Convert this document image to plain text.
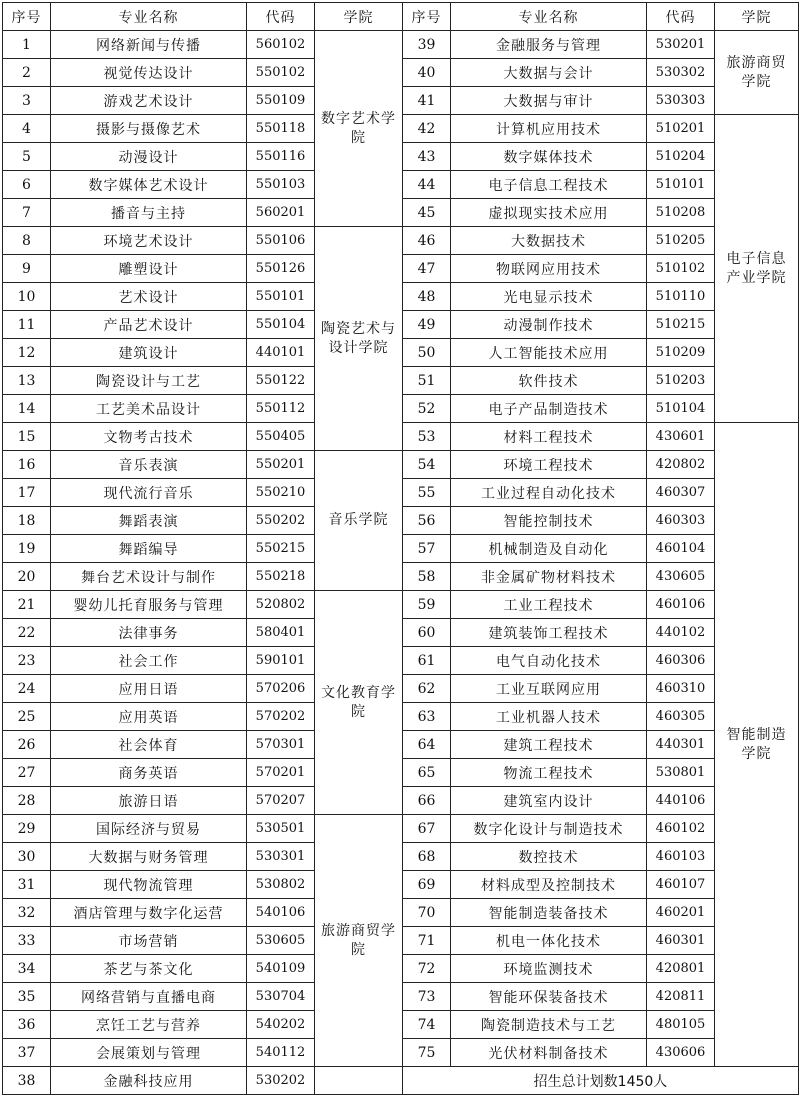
序号	专业名称	代码	学院	序号	专业名称	代码	学院
1	网络新闻与传播	560102	数字艺术学院	39	金融服务与管理	530201	旅游商贸学院
2	视觉传达设计	550102		40	大数据与会计	530302	
3	游戏艺术设计	550109		41	大数据与审计	530303	
4	摄影与摄像艺术	550118		42	计算机应用技术	510201	电子信息产业学院
5	动漫设计	550116		43	数字媒体技术	510204	
6	数字媒体艺术设计	550103		44	电子信息工程技术	510101	
7	播音与主持	560201		45	虚拟现实技术应用	510208	
8	环境艺术设计	550106	陶瓷艺术与设计学院	46	大数据技术	510205	
9	雕塑设计	550126		47	物联网应用技术	510102	
10	艺术设计	550101		48	光电显示技术	510110	
11	产品艺术设计	550104		49	动漫制作技术	510215	
12	建筑设计	440101		50	人工智能技术应用	510209	
13	陶瓷设计与工艺	550122		51	软件技术	510203	
14	工艺美术品设计	550112		52	电子产品制造技术	510104	
15	文物考古技术	550405		53	材料工程技术	430601	智能制造学院
16	音乐表演	550201	音乐学院	54	环境工程技术	420802	
17	现代流行音乐	550210		55	工业过程自动化技术	460307	
18	舞蹈表演	550202		56	智能控制技术	460303	
19	舞蹈编导	550215		57	机械制造及自动化	460104	
20	舞台艺术设计与制作	550218		58	非金属矿物材料技术	430605	
21	婴幼儿托育服务与管理	520802	文化教育学院	59	工业工程技术	460106	
22	法律事务	580401		60	建筑装饰工程技术	440102	
23	社会工作	590101		61	电气自动化技术	460306	
24	应用日语	570206		62	工业互联网应用	460310	
25	应用英语	570202		63	工业机器人技术	460305	
26	社会体育	570301		64	建筑工程技术	440301	
27	商务英语	570201		65	物流工程技术	530801	
28	旅游日语	570207		66	建筑室内设计	440106	
29	国际经济与贸易	530501	旅游商贸学院	67	数字化设计与制造技术	460102	
30	大数据与财务管理	530301		68	数控技术	460103	
31	现代物流管理	530802		69	材料成型及控制技术	460107	
32	酒店管理与数字化运营	540106		70	智能制造装备技术	460201	
33	市场营销	530605		71	机电一体化技术	460301	
34	茶艺与茶文化	540109		72	环境监测技术	420801	
35	网络营销与直播电商	530704		73	智能环保装备技术	420811	
36	烹饪工艺与营养	540202		74	陶瓷制造技术与工艺	480105	
37	会展策划与管理	540112		75	光伏材料制备技术	430606	
38	金融科技应用	530202		招生总计划数1450人			
